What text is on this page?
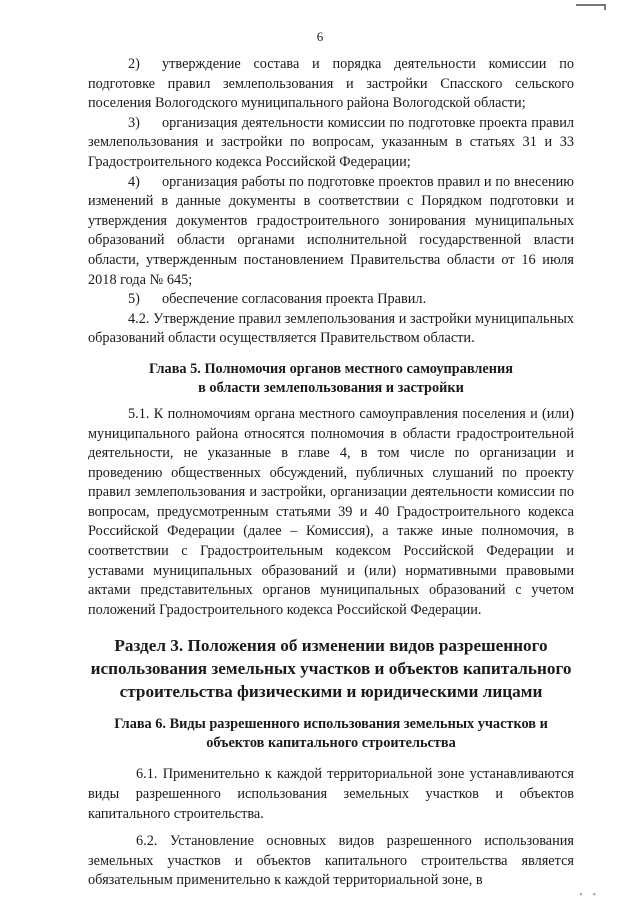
6

2) утверждение состава и порядка деятельности комиссии по подготовке правил землепользования и застройки Спасского сельского поселения Вологодского муниципального района Вологодской области;

3) организация деятельности комиссии по подготовке проекта правил землепользования и застройки по вопросам, указанным в статьях 31 и 33 Градостроительного кодекса Российской Федерации;

4) организация работы по подготовке проектов правил и по внесению изменений в данные документы в соответствии с Порядком подготовки и утверждения документов градостроительного зонирования муниципальных образований области органами исполнительной государственной власти области, утвержденным постановлением Правительства области от 16 июля 2018 года № 645;

5) обеспечение согласования проекта Правил.

4.2. Утверждение правил землепользования и застройки муниципальных образований области осуществляется Правительством области.

Глава 5. Полномочия органов местного самоуправления

в области землепользования и застройки

5.1. К полномочиям органа местного самоуправления поселения и (или) муниципального района относятся полномочия в области градостроительной деятельности, не указанные в главе 4, в том числе по организации и проведению общественных обсуждений, публичных слушаний по проекту правил землепользования и застройки, организации деятельности комиссии по вопросам, предусмотренным статьями 39 и 40 Градостроительного кодекса Российской Федерации (далее – Комиссия), а также иные полномочия, в соответствии с Градостроительным кодексом Российской Федерации и уставами муниципальных образований и (или) нормативными правовыми актами представительных органов муниципальных образований с учетом положений Градостроительного кодекса Российской Федерации.

Раздел 3. Положения об изменении видов разрешенного
использования земельных участков и объектов капитального
строительства физическими и юридическими лицами

Глава 6. Виды разрешенного использования земельных участков и

объектов капитального строительства

6.1. Применительно к каждой территориальной зоне устанавливаются виды разрешенного использования земельных участков и объектов капитального строительства.

6.2. Установление основных видов разрешенного использования земельных участков и объектов капитального строительства является обязательным применительно к каждой территориальной зоне, в

▪ ▪
